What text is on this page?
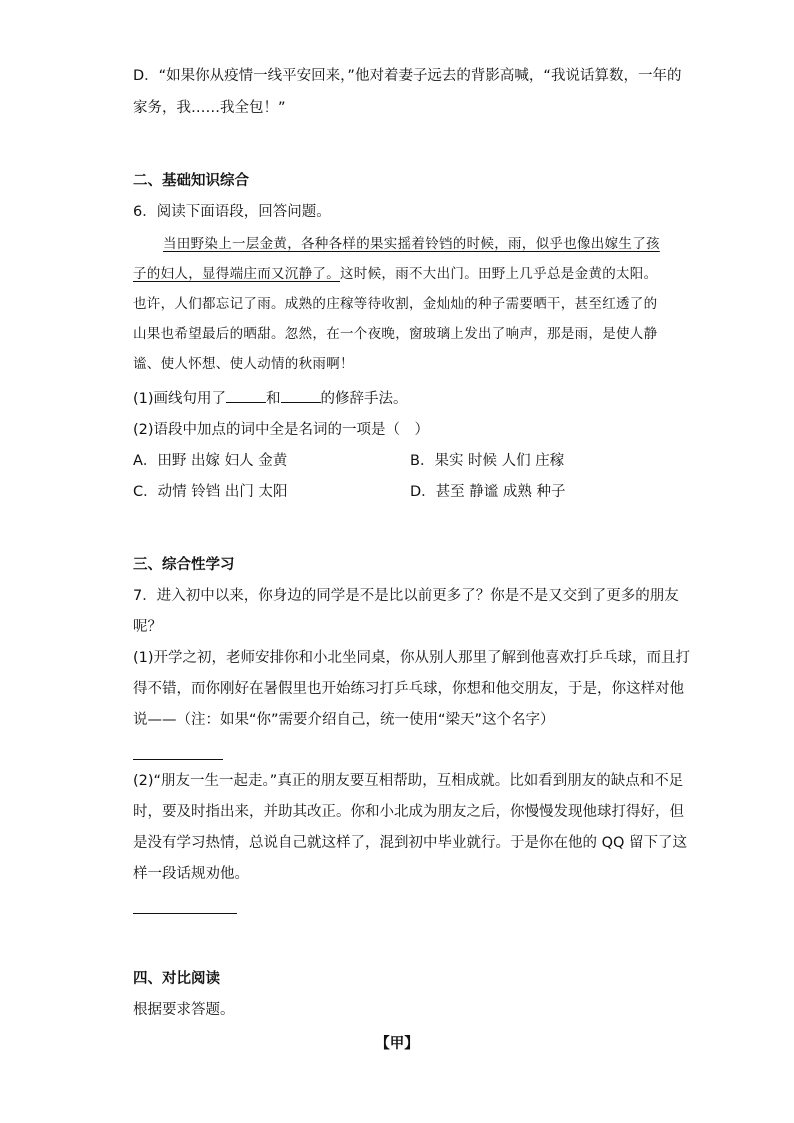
D．“如果你从疫情一线平安回来，”他对着妻子远去的背影高喊，“我说话算数，一年的
家务，我……我全包！”
二、基础知识综合
6．阅读下面语段，回答问题。
当田野染上一层金黄，各种各样的果实摇着铃铛的时候，雨，似乎也像出嫁生了孩
子的妇人，显得端庄而又沉静了。这时候，雨不大出门。田野上几乎总是金黄的太阳。
也许，人们都忘记了雨。成熟的庄稼等待收割，金灿灿的种子需要晒干，甚至红透了的
山果也希望最后的晒甜。忽然，在一个夜晚，窗玻璃上发出了响声，那是雨，是使人静
谧、使人怀想、使人动情的秋雨啊！
(1)画线句用了	和	的修辞手法。
(2)语段中加点的词中全是名词的一项是（　）
A．田野 出嫁 妇人 金黄	B．果实 时候 人们 庄稼
C．动情 铃铛 出门 太阳	D．甚至 静谧 成熟 种子
三、综合性学习
7．进入初中以来，你身边的同学是不是比以前更多了？你是不是又交到了更多的朋友
呢？
(1)开学之初，老师安排你和小北坐同桌，你从别人那里了解到他喜欢打乒乓球，而且打
得不错，而你刚好在暑假里也开始练习打乒乓球，你想和他交朋友，于是，你这样对他
说——（注：如果“你”需要介绍自己，统一使用“梁天”这个名字）
(2)“朋友一生一起走。”真正的朋友要互相帮助，互相成就。比如看到朋友的缺点和不足
时，要及时指出来，并助其改正。你和小北成为朋友之后，你慢慢发现他球打得好，但
是没有学习热情，总说自己就这样了，混到初中毕业就行。于是你在他的 QQ 留下了这
样一段话规劝他。
四、对比阅读
根据要求答题。
【甲】
